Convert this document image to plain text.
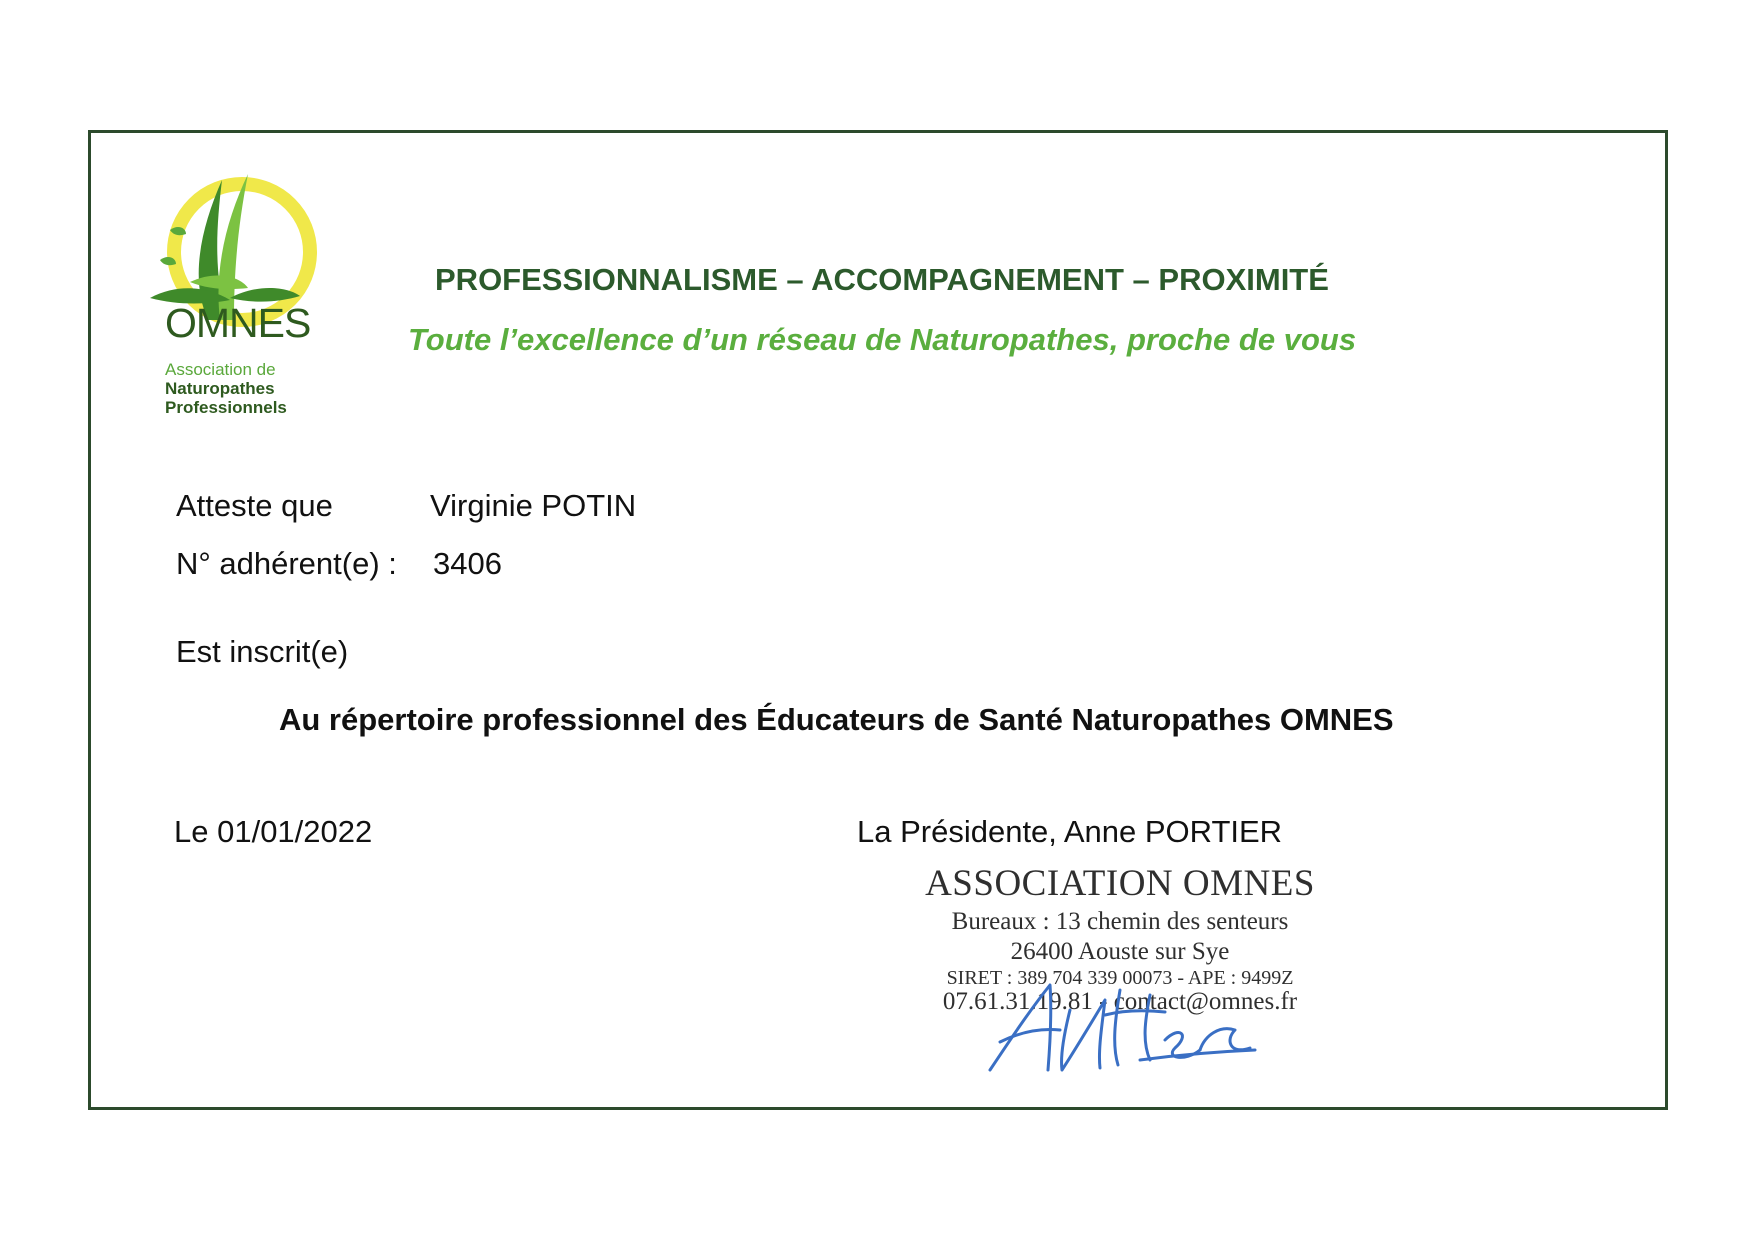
OMNES
Association de
Naturopathes
Professionnels
PROFESSIONNALISME – ACCOMPAGNEMENT – PROXIMITÉ
Toute l’excellence d’un réseau de Naturopathes, proche de vous
Atteste que	Virginie POTIN
N° adhérent(e) : 3406
Est inscrit(e)
Au répertoire professionnel des Éducateurs de Santé Naturopathes OMNES
Le 01/01/2022	La Présidente, Anne PORTIER
ASSOCIATION OMNES
Bureaux : 13 chemin des senteurs
26400 Aouste sur Sye
SIRET : 389 704 339 00073 - APE : 9499Z
07.61.31.19.81 - contact@omnes.fr
